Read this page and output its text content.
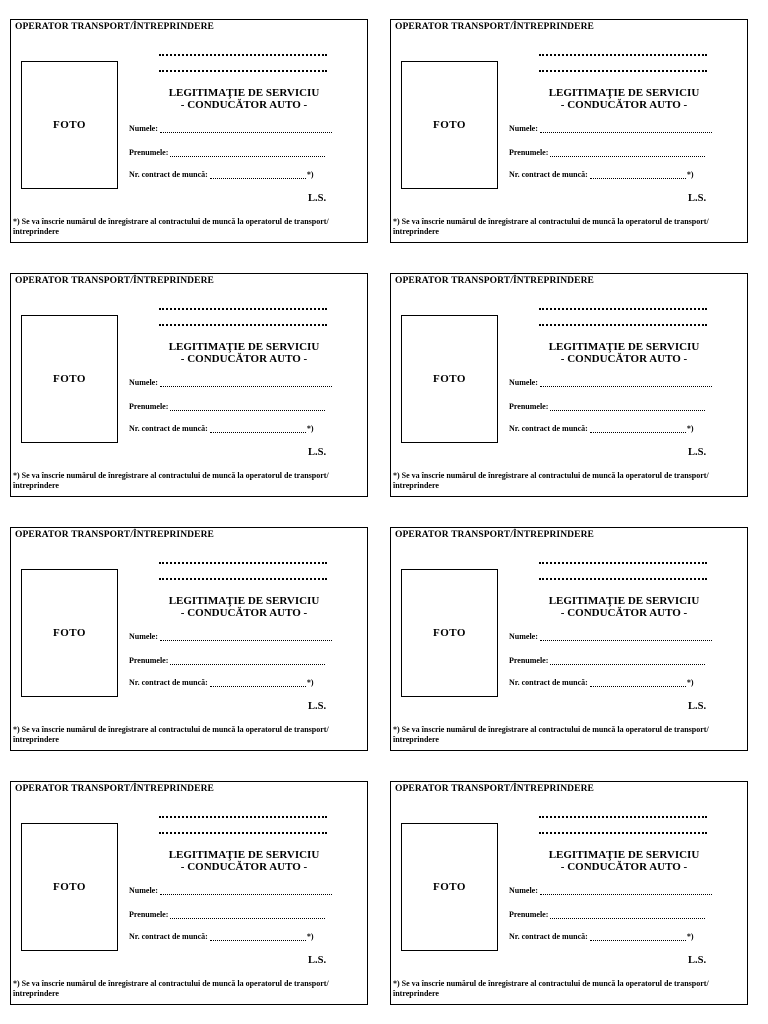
OPERATOR TRANSPORT/ÎNTREPRINDERE
FOTO
LEGITIMAŢIE DE SERVICIU
- CONDUCĂTOR AUTO -
Numele:
Prenumele:
Nr. contract de muncă:	*)
L.S.
*) Se va înscrie numărul de înregistrare al contractului de muncă la operatorul de transport/întreprindere
OPERATOR TRANSPORT/ÎNTREPRINDERE
FOTO
LEGITIMAŢIE DE SERVICIU
- CONDUCĂTOR AUTO -
Numele:
Prenumele:
Nr. contract de muncă:	*)
L.S.
*) Se va înscrie numărul de înregistrare al contractului de muncă la operatorul de transport/întreprindere
OPERATOR TRANSPORT/ÎNTREPRINDERE
FOTO
LEGITIMAŢIE DE SERVICIU
- CONDUCĂTOR AUTO -
Numele:
Prenumele:
Nr. contract de muncă:	*)
L.S.
*) Se va înscrie numărul de înregistrare al contractului de muncă la operatorul de transport/întreprindere
OPERATOR TRANSPORT/ÎNTREPRINDERE
FOTO
LEGITIMAŢIE DE SERVICIU
- CONDUCĂTOR AUTO -
Numele:
Prenumele:
Nr. contract de muncă:	*)
L.S.
*) Se va înscrie numărul de înregistrare al contractului de muncă la operatorul de transport/întreprindere
OPERATOR TRANSPORT/ÎNTREPRINDERE
FOTO
LEGITIMAŢIE DE SERVICIU
- CONDUCĂTOR AUTO -
Numele:
Prenumele:
Nr. contract de muncă:	*)
L.S.
*) Se va înscrie numărul de înregistrare al contractului de muncă la operatorul de transport/întreprindere
OPERATOR TRANSPORT/ÎNTREPRINDERE
FOTO
LEGITIMAŢIE DE SERVICIU
- CONDUCĂTOR AUTO -
Numele:
Prenumele:
Nr. contract de muncă:	*)
L.S.
*) Se va înscrie numărul de înregistrare al contractului de muncă la operatorul de transport/întreprindere
OPERATOR TRANSPORT/ÎNTREPRINDERE
FOTO
LEGITIMAŢIE DE SERVICIU
- CONDUCĂTOR AUTO -
Numele:
Prenumele:
Nr. contract de muncă:	*)
L.S.
*) Se va înscrie numărul de înregistrare al contractului de muncă la operatorul de transport/întreprindere
OPERATOR TRANSPORT/ÎNTREPRINDERE
FOTO
LEGITIMAŢIE DE SERVICIU
- CONDUCĂTOR AUTO -
Numele:
Prenumele:
Nr. contract de muncă:	*)
L.S.
*) Se va înscrie numărul de înregistrare al contractului de muncă la operatorul de transport/întreprindere
